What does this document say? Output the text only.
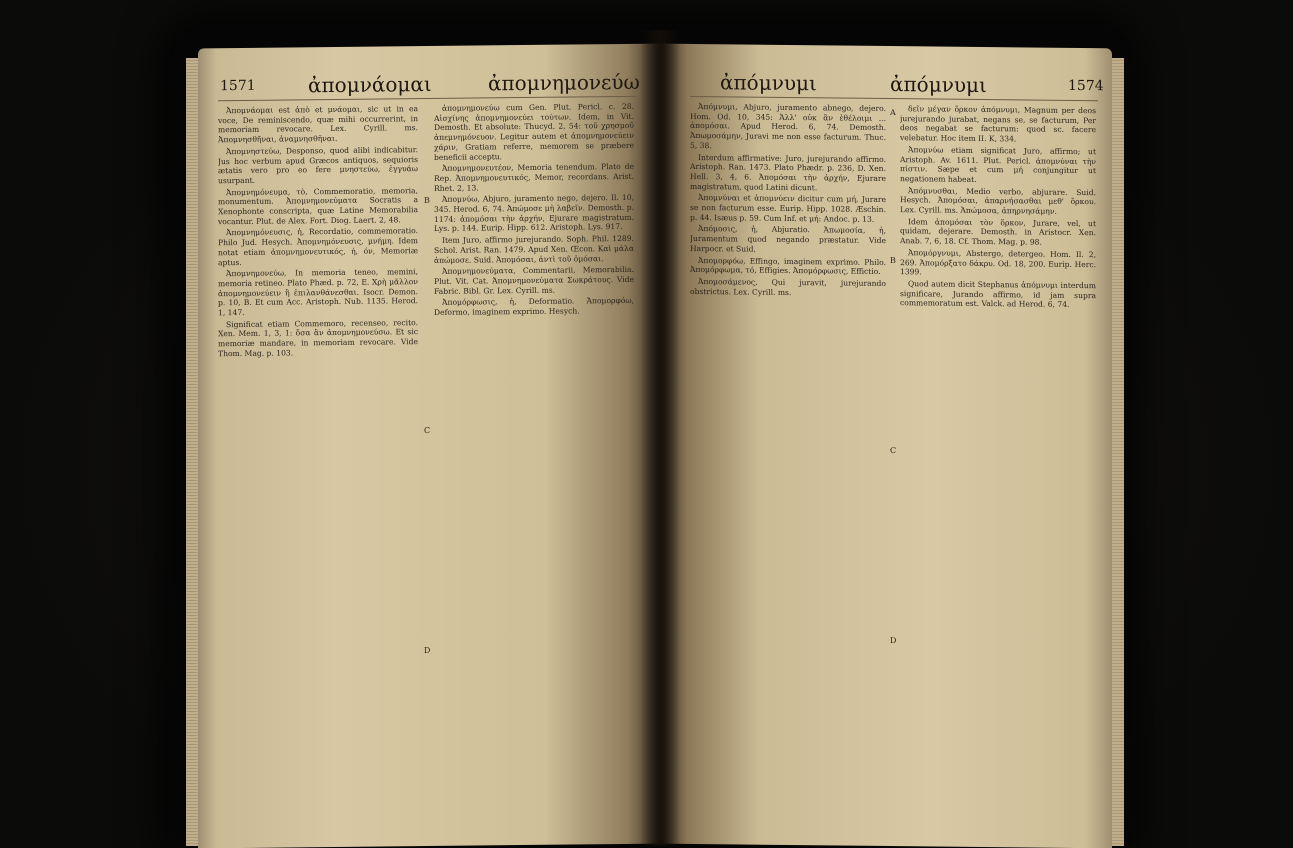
1571	ἀπομνάομαι	ἀπομνημονεύω

Ἀπομνάομαι est ἀπὸ et μνάομαι, sic ut in ea voce, De reminiscendo, quæ mihi occurrerint, in memoriam revocare. Lex. Cyrill. ms. Ἀπομνησθῆναι, ἀναμνησθῆναι.

Ἀπομνηστεύω, Desponso, quod alibi indicabitur. Jus hoc verbum apud Græcos antiquos, sequioris ætatis vero pro eo fere μνηστεύω, ἐγγυάω usurpant.

Ἀπομνημόνευμα, τὸ, Commemoratio, memoria, monumentum. Ἀπομνημονεύματα Socratis a Xenophonte conscripta, quæ Latine Memorabilia vocantur. Plut. de Alex. Fort. Diog. Laert. 2, 48.

Ἀπομνημόνευσις, ἡ, Recordatio, commemoratio. Philo Jud. Hesych. Ἀπομνημόνευσις, μνήμη. Idem notat etiam ἀπομνημονευτικός, ή, όν, Memoriæ aptus.

Ἀπομνημονεύω, In memoria teneo, memini, memoria retineo. Plato Phæd. p. 72, E. Χρὴ μᾶλλον ἀπομνημονεύειν ἢ ἐπιλανθάνεσθαι. Isocr. Demon. p. 10, B. Et cum Acc. Aristoph. Nub. 1135. Herod. 1, 147.

Significat etiam Commemoro, recenseo, recito. Xen. Mem. 1, 3, 1: ὅσα ἂν ἀπομνημονεύσω. Et sic memoriæ mandare, in memoriam revocare. Vide Thom. Mag. p. 103.

B
C
D

ἀπομνημονεύω cum Gen. Plut. Pericl. c. 28. Αἰσχίνης ἀπομνημονεύει τούτων. Idem, in Vit. Demosth. Et absolute: Thucyd. 2, 54: τοῦ χρησμοῦ ἀπεμνημόνευον. Legitur autem et ἀπομνημονεύειν χάριν, Gratiam referre, memorem se præbere beneficii acceptu.

Ἀπομνημονευτέον, Memoria tenendum. Plato de Rep. Ἀπομνημονευτικός, Memor, recordans. Arist. Rhet. 2, 13.

Ἀπομνύω, Abjuro, juramento nego, dejero. Il. 10, 345. Herod. 6, 74. Ἀπώμοσε μὴ λαβεῖν. Demosth. p. 1174: ἀπομόσαι τὴν ἀρχήν, Ejurare magistratum. Lys. p. 144. Eurip. Hipp. 612. Aristoph. Lys. 917.

Item Juro, affirmo jurejurando. Soph. Phil. 1289. Schol. Arist. Ran. 1479. Apud Xen. Œcon. Καὶ μάλα ἀπώμοσε. Suid. Ἀπομόσαι, ἀντὶ τοῦ ὀμόσαι.

Ἀπομνημονεύματα, Commentarii, Memorabilia. Plut. Vit. Cat. Ἀπομνημονεύματα Σωκράτους. Vide Fabric. Bibl. Gr. Lex. Cyrill. ms.

Ἀπομόρφωσις, ἡ, Deformatio. Ἀπομορφόω, Deformo, imaginem exprimo. Hesych.

ἀπόμνυμι	ἀπόμνυμι	1574

Ἀπόμνυμι, Abjuro, juramento abnego, dejero. Hom. Od. 10, 345: Ἀλλ' οὐκ ἂν ἐθέλοιμι ... ἀπομόσαι. Apud Herod. 6, 74. Demosth. Ἀπωμοσάμην, Juravi me non esse facturum. Thuc. 5, 38.

Interdum affirmative: Juro, jurejurando affirmo. Aristoph. Ran. 1473. Plato Phædr. p. 236, D. Xen. Hell. 3, 4, 6. Ἀπομόσαι τὴν ἀρχήν, Ejurare magistratum, quod Latini dicunt.

Ἀπομνύναι et ἀπομνύειν dicitur cum μή, Jurare se non facturum esse. Eurip. Hipp. 1028. Æschin. p. 44. Isæus p. 59. Cum Inf. et μή: Andoc. p. 13.

Ἀπόμοσις, ἡ, Abjuratio. Ἀπωμοσία, ἡ, Juramentum quod negando præstatur. Vide Harpocr. et Suid.

Ἀπομορφόω, Effingo, imaginem exprimo. Philo. Ἀπομόρφωμα, τό, Effigies. Ἀπομόρφωσις, Effictio.

Ἀπομοσάμενος, Qui juravit, jurejurando obstrictus. Lex. Cyrill. ms.

A
B
C
D

δεῖν μέγαν ὅρκον ἀπόμνυμι, Magnum per deos jurejurando jurabat, negans se, se facturum, Per deos negabat se facturum: quod sc. facere velebatur. Hoc item II. K, 334.

Ἀπομνύω etiam significat Juro, affirmo; ut Aristoph. Av. 1611. Plut. Pericl. ἀπομνύναι τὴν πίστιν. Sæpe et cum μή conjungitur ut negationem habeat.

Ἀπόμνυσθαι, Medio verbo, abjurare. Suid. Hesych. Ἀπομόσαι, ἀπαρνήσασθαι μεθ' ὅρκου. Lex. Cyrill. ms. Ἀπώμοσα, ἀπηρνησάμην.

Idem ἀπομόσαι τὸν ὅρκον, Jurare, vel, ut quidam, dejerare. Demosth. in Aristocr. Xen. Anab. 7, 6, 18. Cf. Thom. Mag. p. 98.

Ἀπομόργνυμι, Abstergo, detergeo. Hom. Il. 2, 269. Ἀπομόρξατο δάκρυ. Od. 18, 200. Eurip. Herc. 1399.

Quod autem dicit Stephanus ἀπόμνυμι interdum significare, Jurando affirmo, id jam supra commemoratum est. Valck. ad Herod. 6, 74.
